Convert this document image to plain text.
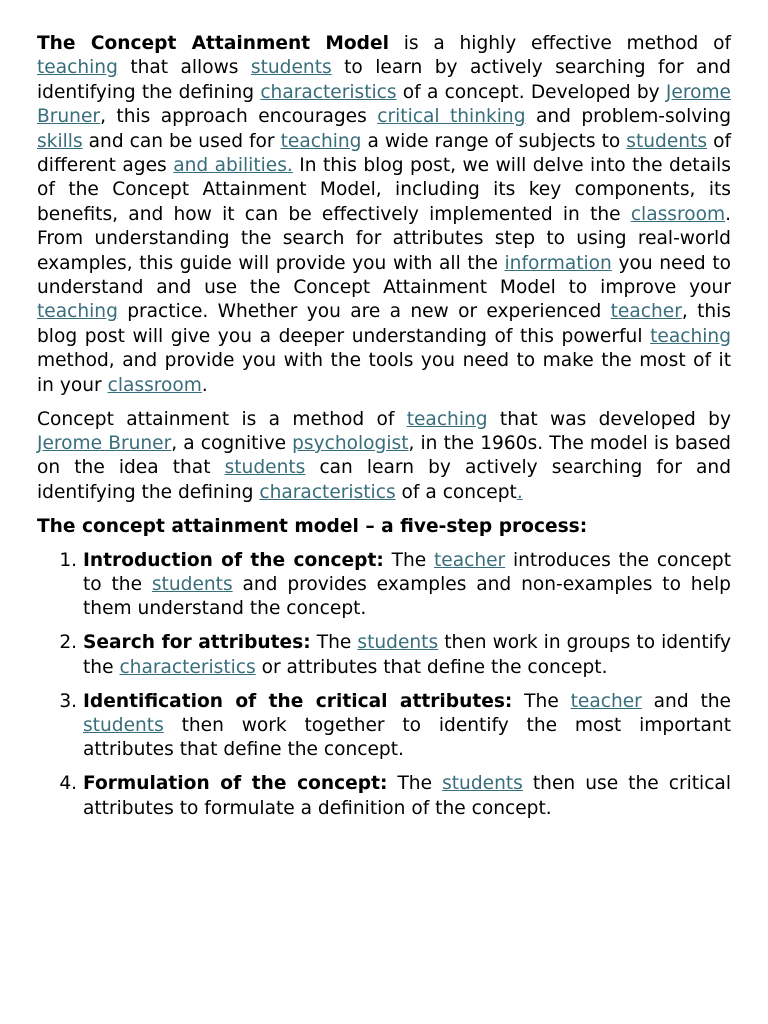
The Concept Attainment Model is a highly effective method of teaching that allows students to learn by actively searching for and identifying the defining characteristics of a concept. Developed by Jerome Bruner, this approach encourages critical thinking and problem-solving skills and can be used for teaching a wide range of subjects to students of different ages and abilities. In this blog post, we will delve into the details of the Concept Attainment Model, including its key components, its benefits, and how it can be effectively implemented in the classroom. From understanding the search for attributes step to using real-world examples, this guide will provide you with all the information you need to understand and use the Concept Attainment Model to improve your teaching practice. Whether you are a new or experienced teacher, this blog post will give you a deeper understanding of this powerful teaching method, and provide you with the tools you need to make the most of it in your classroom.

Concept attainment is a method of teaching that was developed by Jerome Bruner, a cognitive psychologist, in the 1960s. The model is based on the idea that students can learn by actively searching for and identifying the defining characteristics of a concept.

The concept attainment model – a five-step process:

1. Introduction of the concept: The teacher introduces the concept to the students and provides examples and non-examples to help them understand the concept.
2. Search for attributes: The students then work in groups to identify the characteristics or attributes that define the concept.
3. Identification of the critical attributes: The teacher and the students then work together to identify the most important attributes that define the concept.
4. Formulation of the concept: The students then use the critical attributes to formulate a definition of the concept.
